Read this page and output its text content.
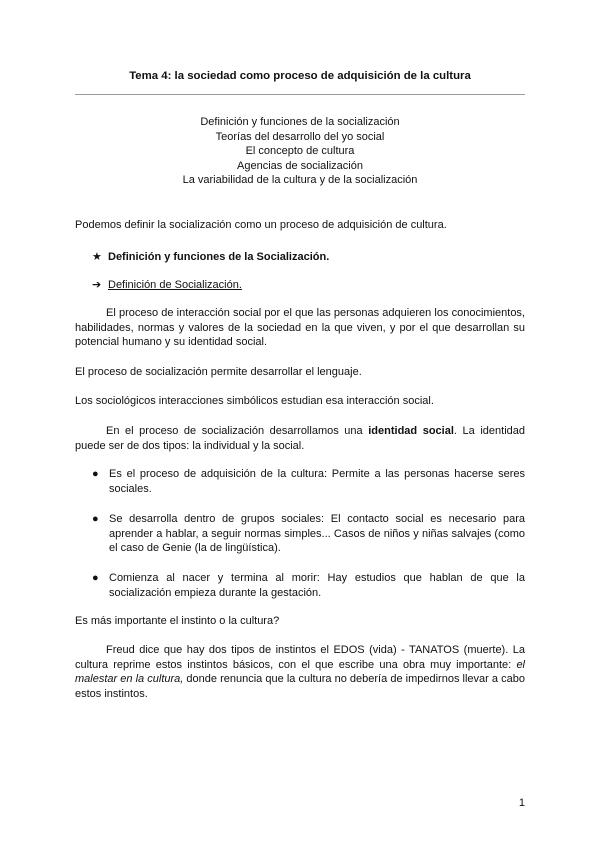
Tema 4: la sociedad como proceso de adquisición de la cultura
Definición y funciones de la socialización
Teorías del desarrollo del yo social
El concepto de cultura
Agencias de socialización
La variabilidad de la cultura y de la socialización

Podemos definir la socialización como un proceso de adquisición de cultura.

★ Definición y funciones de la Socialización.
➔ Definición de Socialización.

El proceso de interacción social por el que las personas adquieren los conocimientos, habilidades, normas y valores de la sociedad en la que viven, y por el que desarrollan su potencial humano y su identidad social.

El proceso de socialización permite desarrollar el lenguaje.

Los sociológicos interacciones simbólicos estudian esa interacción social.

En el proceso de socialización desarrollamos una identidad social. La identidad puede ser de dos tipos: la individual y la social.

● Es el proceso de adquisición de la cultura: Permite a las personas hacerse seres sociales.
● Se desarrolla dentro de grupos sociales: El contacto social es necesario para aprender a hablar, a seguir normas simples... Casos de niños y niñas salvajes (como el caso de Genie (la de lingüística).
● Comienza al nacer y termina al morir: Hay estudios que hablan de que la socialización empieza durante la gestación.

Es más importante el instinto o la cultura?

Freud dice que hay dos tipos de instintos el EDOS (vida) - TANATOS (muerte). La cultura reprime estos instintos básicos, con el que escribe una obra muy importante: el malestar en la cultura, donde renuncia que la cultura no debería de impedirnos llevar a cabo estos instintos.

1
